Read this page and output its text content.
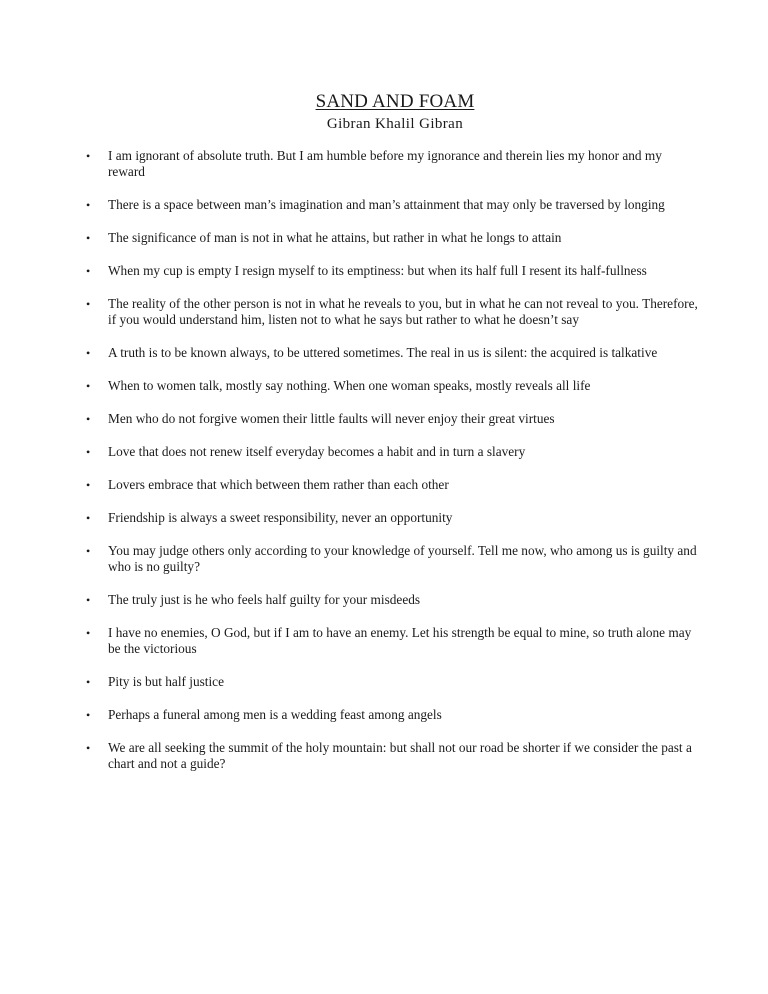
SAND AND FOAM
Gibran Khalil Gibran
• I am ignorant of absolute truth. But I am humble before my ignorance and therein lies my honor and my reward
• There is a space between man’s imagination and man’s attainment that may only be traversed by longing
• The significance of man is not in what he attains, but rather in what he longs to attain
• When my cup is empty I resign myself to its emptiness: but when its half full I resent its half-fullness
• The reality of the other person is not in what he reveals to you, but in what he can not reveal to you. Therefore, if you would understand him, listen not to what he says but rather to what he doesn’t say
• A truth is to be known always, to be uttered sometimes. The real in us is silent: the acquired is talkative
• When to women talk, mostly say nothing. When one woman speaks, mostly reveals all life
• Men who do not forgive women their little faults will never enjoy their great virtues
• Love that does not renew itself everyday becomes a habit and in turn a slavery
• Lovers embrace that which between them rather than each other
• Friendship is always a sweet responsibility, never an opportunity
• You may judge others only according to your knowledge of yourself. Tell me now, who among us is guilty and who is no guilty?
• The truly just is he who feels half guilty for your misdeeds
• I have no enemies, O God, but if I am to have an enemy. Let his strength be equal to mine, so truth alone may be the victorious
• Pity is but half justice
• Perhaps a funeral among men is a wedding feast among angels
• We are all seeking the summit of the holy mountain: but shall not our road be shorter if we consider the past a chart and not a guide?
